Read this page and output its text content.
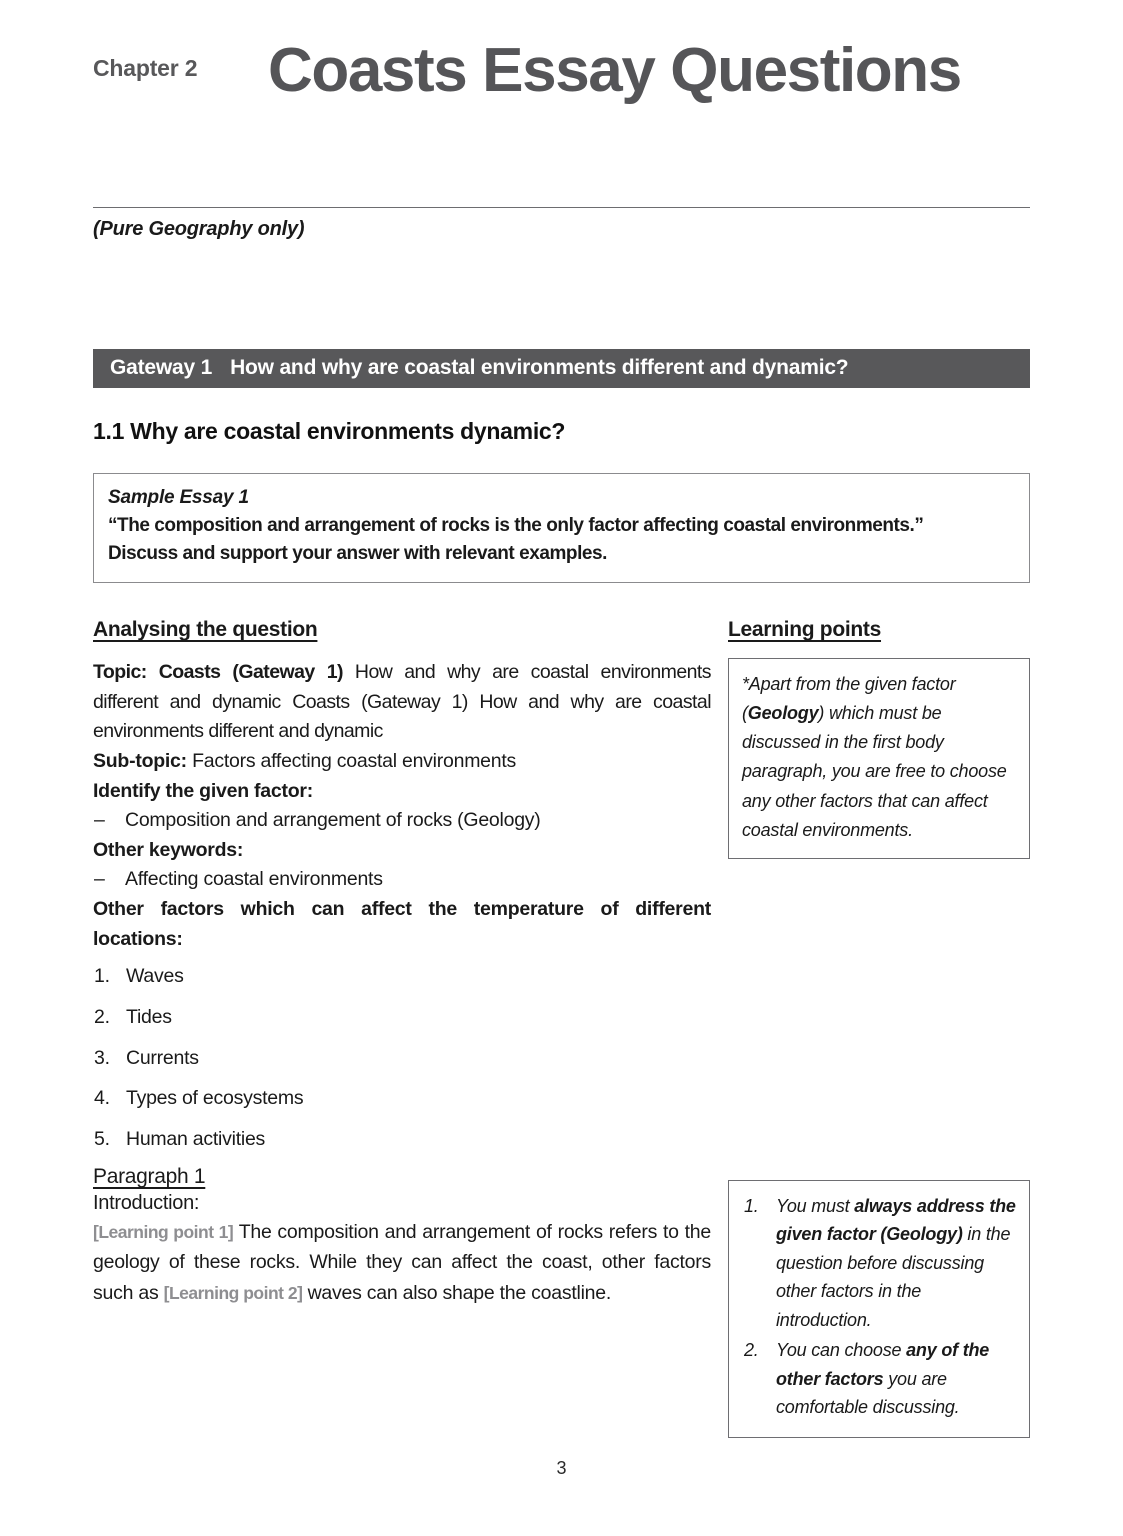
Chapter 2 Coasts Essay Questions
(Pure Geography only)
Gateway 1 How and why are coastal environments different and dynamic?
1.1 Why are coastal environments dynamic?
Sample Essay 1
“The composition and arrangement of rocks is the only factor affecting coastal environments.”
Discuss and support your answer with relevant examples.
Analysing the question

Topic: Coasts (Gateway 1) How and why are coastal environments different and dynamic Coasts (Gateway 1) How and why are coastal environments different and dynamic

Sub-topic: Factors affecting coastal environments

Identify the given factor:

– Composition and arrangement of rocks (Geology)

Other keywords:

– Affecting coastal environments

Other factors which can affect the temperature of different locations:

1. Waves
2. Tides
3. Currents
4. Types of ecosystems
5. Human activities
Learning points

*Apart from the given factor (Geology) which must be discussed in the first body paragraph, you are free to choose any other factors that can affect coastal environments.

Paragraph 1
Introduction:

[Learning point 1] The composition and arrangement of rocks refers to the geology of these rocks. While they can affect the coast, other factors such as [Learning point 2] waves can also shape the coastline.

1. You must always address the given factor (Geology) in the question before discussing other factors in the introduction.
2. You can choose any of the other factors you are comfortable discussing.
3
